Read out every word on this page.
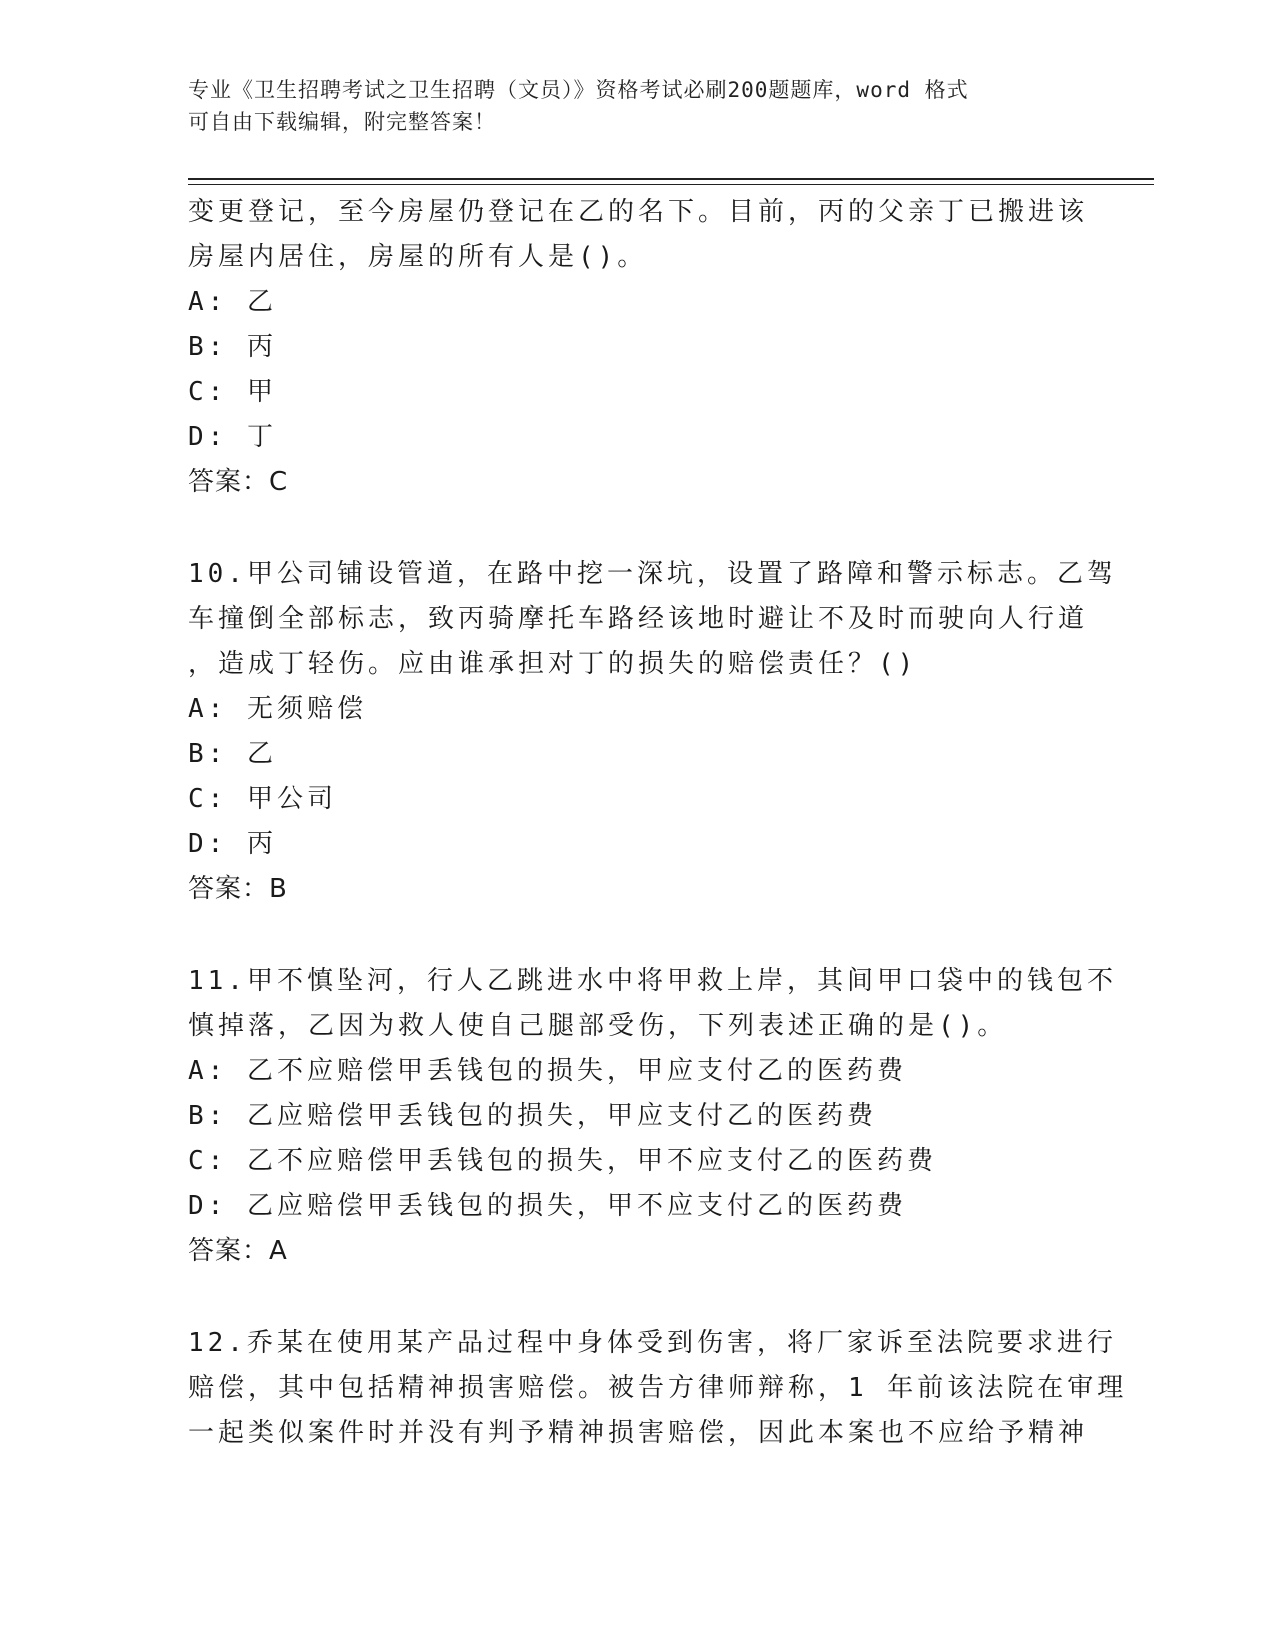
专业《卫生招聘考试之卫生招聘（文员）》资格考试必刷200题题库，word 格式
可自由下载编辑，附完整答案！
变更登记，至今房屋仍登记在乙的名下。目前，丙的父亲丁已搬进该
房屋内居住，房屋的所有人是()。
A: 乙
B: 丙
C: 甲
D: 丁
答案：C
10.甲公司铺设管道，在路中挖一深坑，设置了路障和警示标志。乙驾
车撞倒全部标志，致丙骑摩托车路经该地时避让不及时而驶向人行道
，造成丁轻伤。应由谁承担对丁的损失的赔偿责任？()
A: 无须赔偿
B: 乙
C: 甲公司
D: 丙
答案：B
11.甲不慎坠河，行人乙跳进水中将甲救上岸，其间甲口袋中的钱包不
慎掉落，乙因为救人使自己腿部受伤，下列表述正确的是()。
A: 乙不应赔偿甲丢钱包的损失，甲应支付乙的医药费
B: 乙应赔偿甲丢钱包的损失，甲应支付乙的医药费
C: 乙不应赔偿甲丢钱包的损失，甲不应支付乙的医药费
D: 乙应赔偿甲丢钱包的损失，甲不应支付乙的医药费
答案：A
12.乔某在使用某产品过程中身体受到伤害，将厂家诉至法院要求进行
赔偿，其中包括精神损害赔偿。被告方律师辩称，1 年前该法院在审理
一起类似案件时并没有判予精神损害赔偿，因此本案也不应给予精神
